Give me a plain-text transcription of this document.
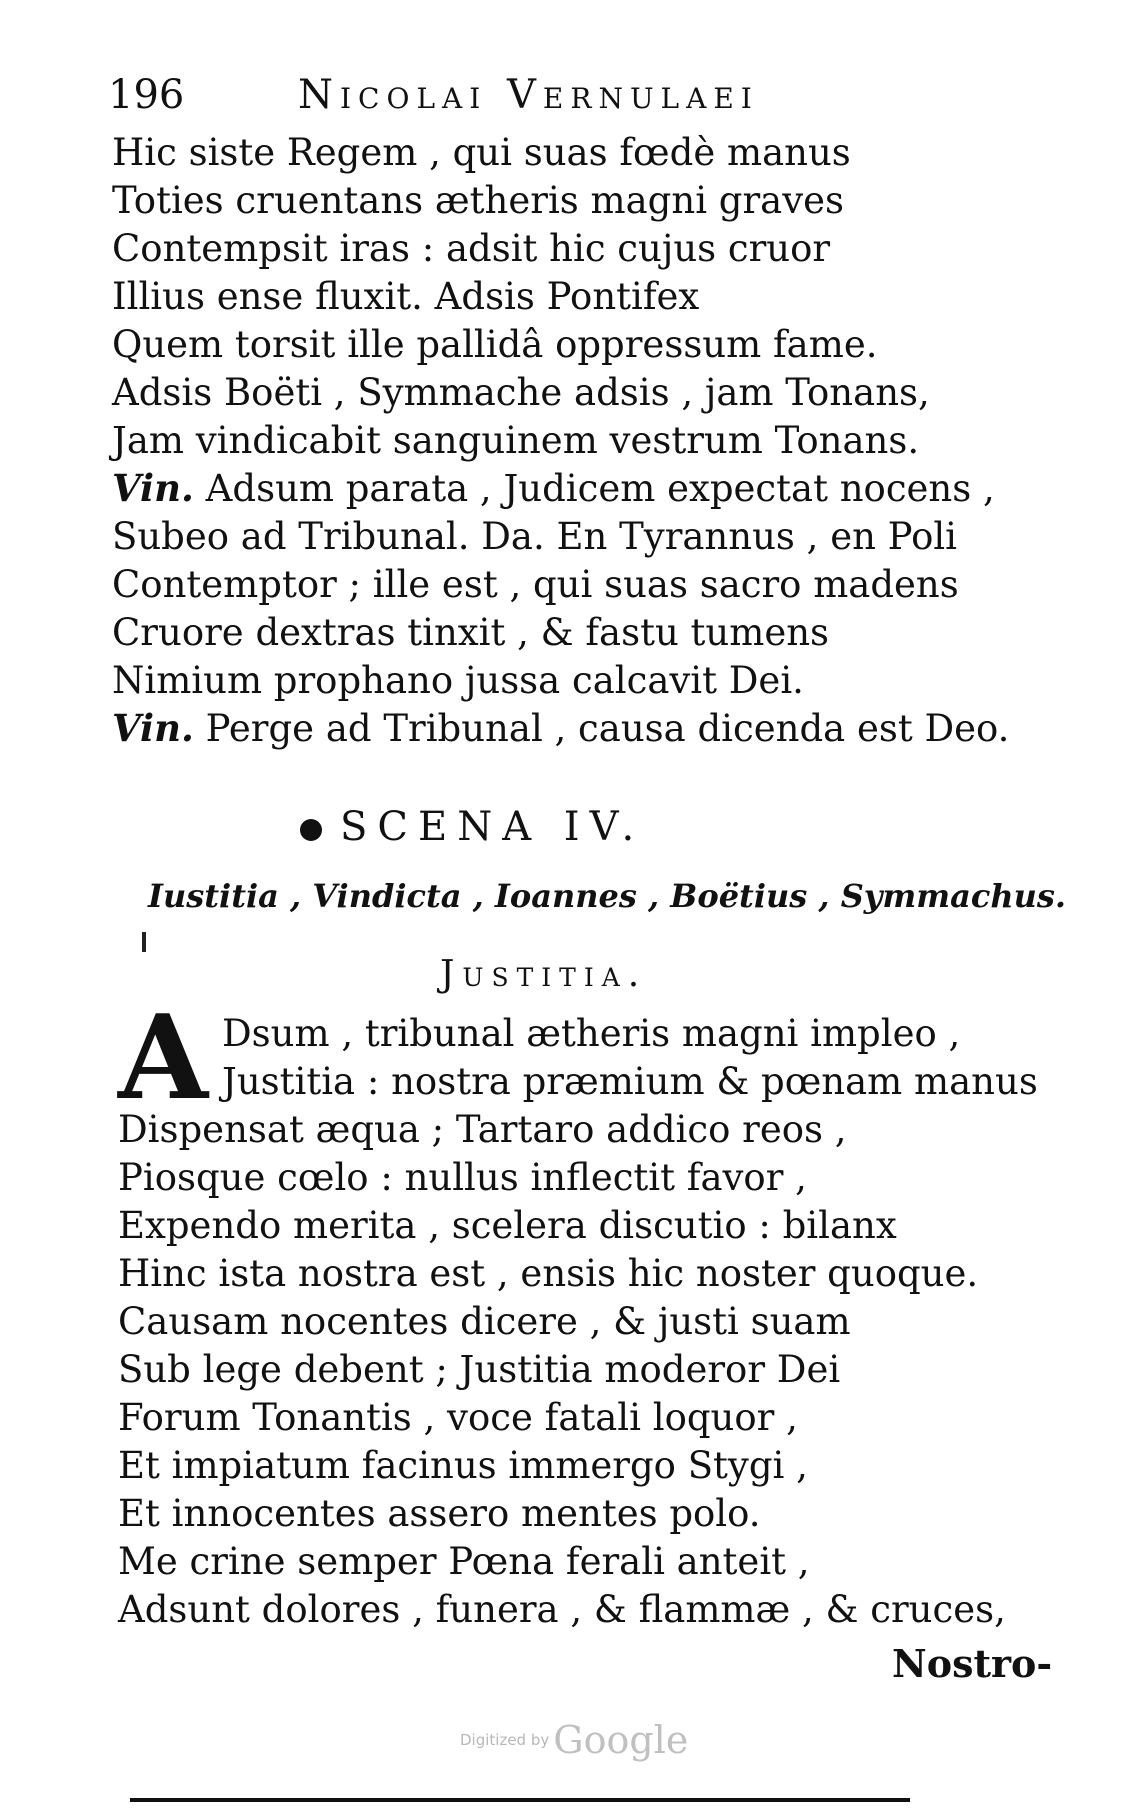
196	Nicolai Vernulaei
Hic siste Regem , qui suas fœdè manus
Toties cruentans ætheris magni graves
Contempsit iras : adsit hic cujus cruor
Illius ense fluxit. Adsis Pontifex
Quem torsit ille pallidâ oppressum fame.
Adsis Boëti , Symmache adsis , jam Tonans,
Jam vindicabit sanguinem vestrum Tonans.
Vin. Adsum parata , Judicem expectat nocens ,
Subeo ad Tribunal. Da. En Tyrannus , en Poli
Contemptor ; ille est , qui suas sacro madens
Cruore dextras tinxit , & fastu tumens
Nimium prophano jussa calcavit Dei.
Vin. Perge ad Tribunal , causa dicenda est Deo.
SCENA IV.
Iustitia , Vindicta , Ioannes , Boëtius , Symmachus.
Justitia.
A Dsum , tribunal ætheris magni impleo ,
Justitia : nostra præmium & pœnam manus
Dispensat æqua ; Tartaro addico reos ,
Piosque cœlo : nullus inflectit favor ,
Expendo merita , scelera discutio : bilanx
Hinc ista nostra est , ensis hic noster quoque.
Causam nocentes dicere , & justi suam
Sub lege debent ; Justitia moderor Dei
Forum Tonantis , voce fatali loquor ,
Et impiatum facinus immergo Stygi ,
Et innocentes assero mentes polo.
Me crine semper Pœna ferali anteit ,
Adsunt dolores , funera , & flammæ , & cruces,
Nostro-
Digitized by Google
